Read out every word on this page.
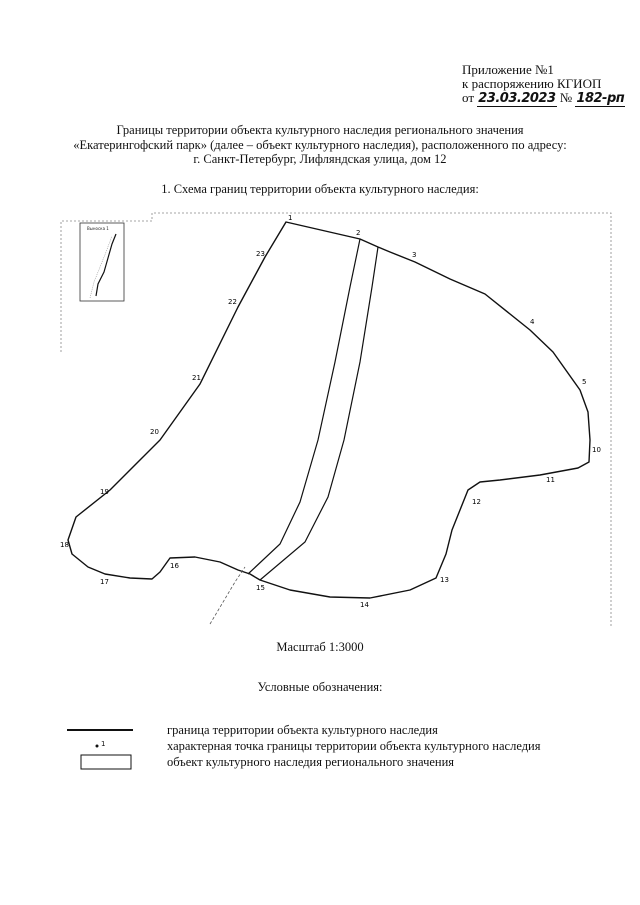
Приложение №1
к распоряжению КГИОП
от 23.03.2023 № 182-рп
Границы территории объекта культурного наследия регионального значения
«Екатерингофский парк» (далее – объект культурного наследия), расположенного по адресу:
г. Санкт-Петербург, Лифляндская улица, дом 12
1. Схема границ территории объекта культурного наследия:
Выноска 1
1
2
3
4
5
10
11
12
13
14
15
16
17
18
19
20
21
22
23
Масштаб 1:3000
Условные обозначения:
граница территории объекта культурного наследия
1	характерная точка границы территории объекта культурного наследия
объект культурного наследия регионального значения
